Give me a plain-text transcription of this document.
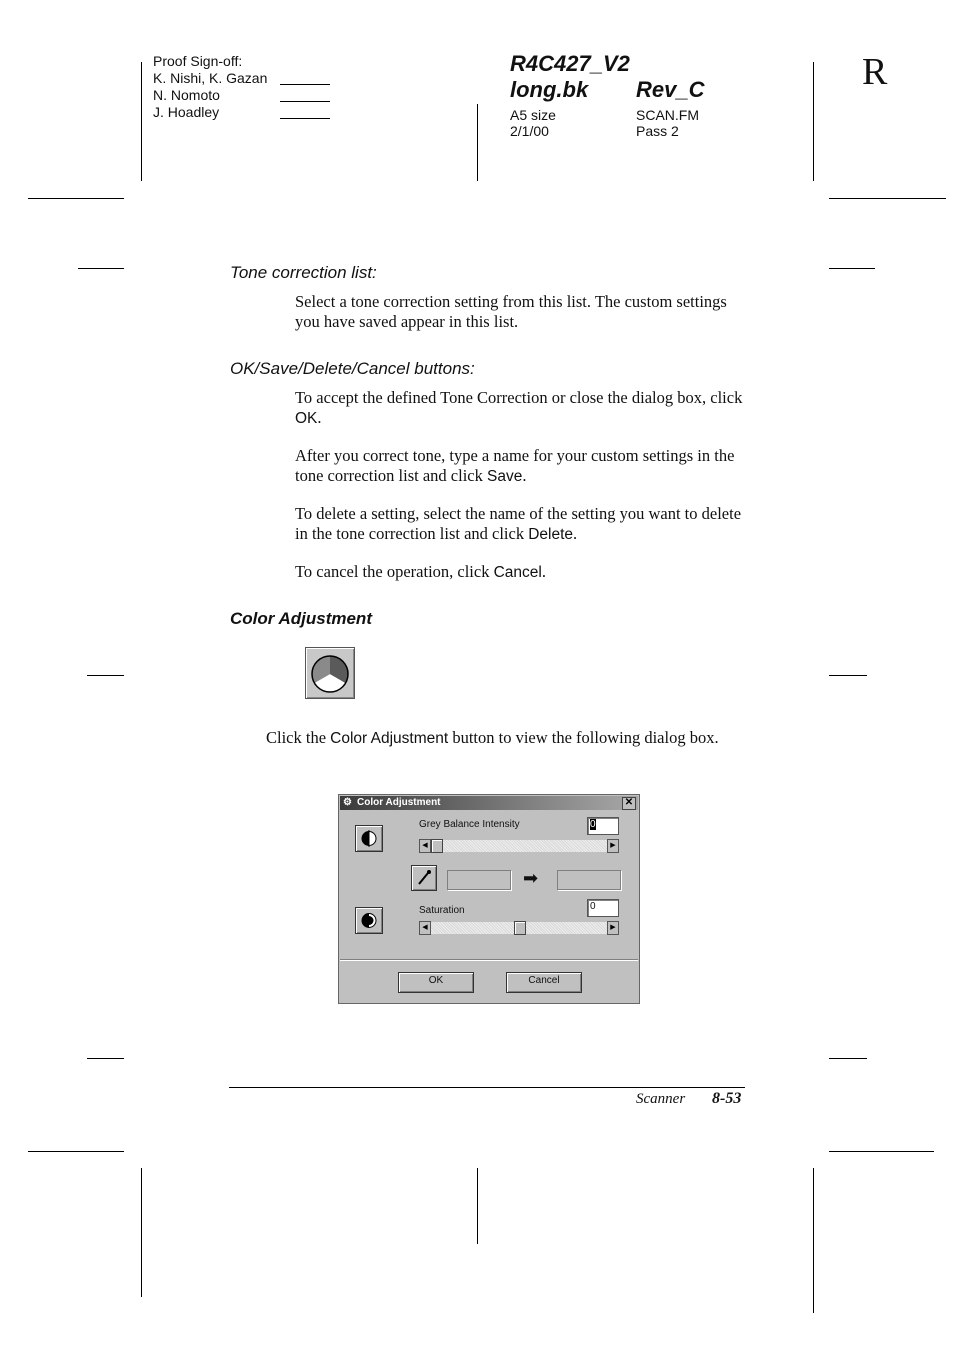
Proof Sign-off:
K. Nishi, K. Gazan
N. Nomoto
J. Hoadley
R4C427_V2
long.bk Rev_C
A5 size
2/1/00
SCAN.FM
Pass 2
R
Tone correction list:
Select a tone correction setting from this list. The custom settings you have saved appear in this list.
OK/Save/Delete/Cancel buttons:
To accept the defined Tone Correction or close the dialog box, click OK.
After you correct tone, type a name for your custom settings in the tone correction list and click Save.
To delete a setting, select the name of the setting you want to delete in the tone correction list and click Delete.
To cancel the operation, click Cancel.
Color Adjustment
Click the Color Adjustment button to view the following dialog box.
⚙ Color Adjustment	✕
Grey Balance Intensity	0
◀	▶
➡
Saturation	0
◀	▶
OK	Cancel
Scanner 8-53
